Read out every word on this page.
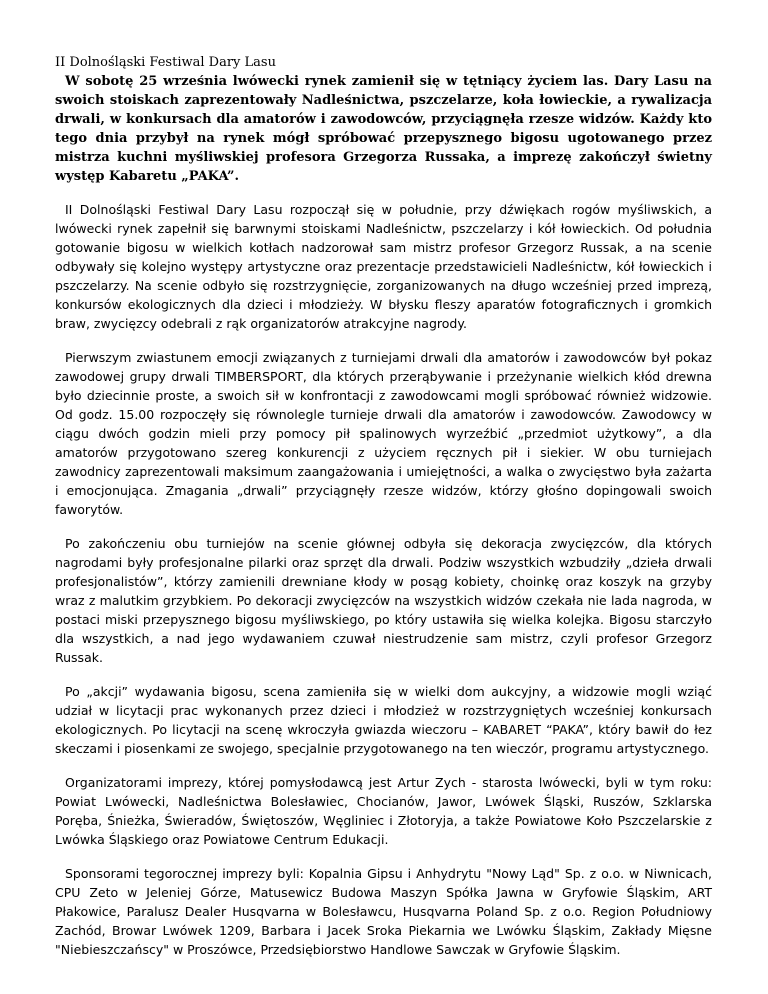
II Dolnośląski Festiwal Dary Lasu

W sobotę 25 września lwówecki rynek zamienił się w tętniący życiem las. Dary Lasu na swoich stoiskach zaprezentowały Nadleśnictwa, pszczelarze, koła łowieckie, a rywalizacja drwali, w konkursach dla amatorów i zawodowców, przyciągnęła rzesze widzów. Każdy kto tego dnia przybył na rynek mógł spróbować przepysznego bigosu ugotowanego przez mistrza kuchni myśliwskiej profesora Grzegorza Russaka, a imprezę zakończył świetny występ Kabaretu „PAKA”.

II Dolnośląski Festiwal Dary Lasu rozpoczął się w południe, przy dźwiękach rogów myśliwskich, a lwówecki rynek zapełnił się barwnymi stoiskami Nadleśnictw, pszczelarzy i kół łowieckich. Od południa gotowanie bigosu w wielkich kotłach nadzorował sam mistrz profesor Grzegorz Russak, a na scenie odbywały się kolejno występy artystyczne oraz prezentacje przedstawicieli Nadleśnictw, kół łowieckich i pszczelarzy. Na scenie odbyło się rozstrzygnięcie, zorganizowanych na długo wcześniej przed imprezą, konkursów ekologicznych dla dzieci i młodzieży. W błysku fleszy aparatów fotograficznych i gromkich braw, zwycięzcy odebrali z rąk organizatorów atrakcyjne nagrody.

Pierwszym zwiastunem emocji związanych z turniejami drwali dla amatorów i zawodowców był pokaz zawodowej grupy drwali TIMBERSPORT, dla których przerąbywanie i przeżynanie wielkich kłód drewna było dziecinnie proste, a swoich sił w konfrontacji z zawodowcami mogli spróbować również widzowie. Od godz. 15.00 rozpoczęły się równolegle turnieje drwali dla amatorów i zawodowców. Zawodowcy w ciągu dwóch godzin mieli przy pomocy pił spalinowych wyrzeźbić „przedmiot użytkowy”, a dla amatorów przygotowano szereg konkurencji z użyciem ręcznych pił i siekier. W obu turniejach zawodnicy zaprezentowali maksimum zaangażowania i umiejętności, a walka o zwycięstwo była zażarta i emocjonująca. Zmagania „drwali” przyciągnęły rzesze widzów, którzy głośno dopingowali swoich faworytów.

Po zakończeniu obu turniejów na scenie głównej odbyła się dekoracja zwycięzców, dla których nagrodami były profesjonalne pilarki oraz sprzęt dla drwali. Podziw wszystkich wzbudziły „dzieła drwali profesjonalistów”, którzy zamienili drewniane kłody w posąg kobiety, choinkę oraz koszyk na grzyby wraz z malutkim grzybkiem. Po dekoracji zwycięzców na wszystkich widzów czekała nie lada nagroda, w postaci miski przepysznego bigosu myśliwskiego, po który ustawiła się wielka kolejka. Bigosu starczyło dla wszystkich, a nad jego wydawaniem czuwał niestrudzenie sam mistrz, czyli profesor Grzegorz Russak.

Po „akcji” wydawania bigosu, scena zamieniła się w wielki dom aukcyjny, a widzowie mogli wziąć udział w licytacji prac wykonanych przez dzieci i młodzież w rozstrzygniętych wcześniej konkursach ekologicznych. Po licytacji na scenę wkroczyła gwiazda wieczoru – KABARET “PAKA”, który bawił do łez skeczami i piosenkami ze swojego, specjalnie przygotowanego na ten wieczór, programu artystycznego.

Organizatorami imprezy, której pomysłodawcą jest Artur Zych - starosta lwówecki, byli w tym roku: Powiat Lwówecki, Nadleśnictwa Bolesławiec, Chocianów, Jawor, Lwówek Śląski, Ruszów, Szklarska Poręba, Śnieżka, Świeradów, Świętoszów, Węgliniec i Złotoryja, a także Powiatowe Koło Pszczelarskie z Lwówka Śląskiego oraz Powiatowe Centrum Edukacji.

Sponsorami tegorocznej imprezy byli: Kopalnia Gipsu i Anhydrytu "Nowy Ląd" Sp. z o.o. w Niwnicach, CPU Zeto w Jeleniej Górze, Matusewicz Budowa Maszyn Spółka Jawna w Gryfowie Śląskim, ART Płakowice, Paralusz Dealer Husqvarna w Bolesławcu, Husqvarna Poland Sp. z o.o. Region Południowy Zachód, Browar Lwówek 1209, Barbara i Jacek Sroka Piekarnia we Lwówku Śląskim, Zakłady Mięsne "Niebieszczańscy" w Proszówce, Przedsiębiorstwo Handlowe Sawczak w Gryfowie Śląskim.
